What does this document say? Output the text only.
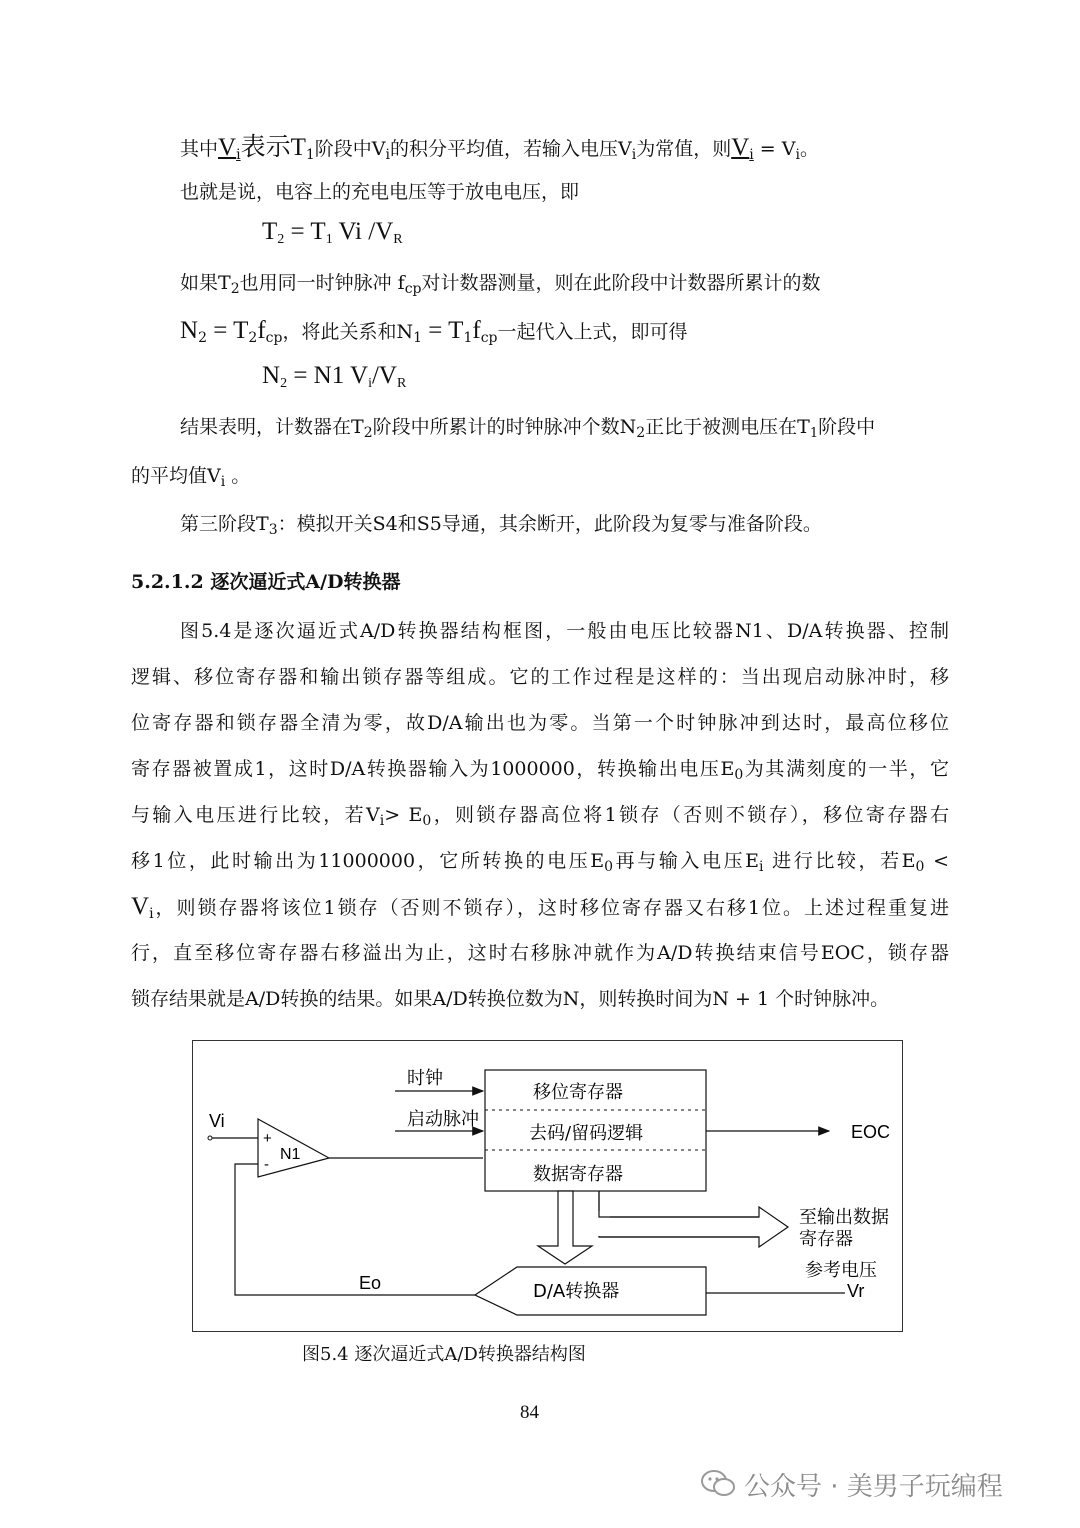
其中$V_i$表示$T_1$阶段中$V_i$的积分平均值，若输入电压$V_i$为常值，则$V_i = V_i$。
也就是说，电容上的充电电压等于放电电压，即
$T_2 = T_1$ Vi $/V_R$
如果$T_2$也用同一时钟脉冲 $f_{cp}$对计数器测量，则在此阶段中计数器所累计的数
$N_2 = T_2f_{cp}$，将此关系和$N_1 = T_1f_{cp}$一起代入上式，即可得
$N_2 = N1$ $V_i/V_R$
结果表明，计数器在$T_2$阶段中所累计的时钟脉冲个数$N_2$正比于被测电压在$T_1$阶段中
的平均值$V_i$ 。
第三阶段$T_3$：模拟开关S4和S5导通，其余断开，此阶段为复零与准备阶段。
5.2.1.2 逐次逼近式A/D转换器
图5.4是逐次逼近式A/D转换器结构框图，一般由电压比较器N1、D/A转换器、控制
逻辑、移位寄存器和输出锁存器等组成。它的工作过程是这样的：当出现启动脉冲时，移
位寄存器和锁存器全清为零，故D/A输出也为零。当第一个时钟脉冲到达时，最高位移位
寄存器被置成1，这时D/A转换器输入为1000000，转换输出电压$E_0$为其满刻度的一半，它
与输入电压进行比较，若$V_i> E_0$，则锁存器高位将1锁存（否则不锁存），移位寄存器右
移1位，此时输出为11000000，它所转换的电压$E_0$再与输入电压$E_i$ 进行比较，若$E_0$ <
$V_i$，则锁存器将该位1锁存（否则不锁存），这时移位寄存器又右移1位。上述过程重复进
行，直至移位寄存器右移溢出为止，这时右移脉冲就作为A/D转换结束信号EOC，锁存器
锁存结果就是A/D转换的结果。如果A/D转换位数为N，则转换时间为N + 1 个时钟脉冲。
移位寄存器
去码/留码逻辑
数据寄存器
时钟
启动脉冲
EOC
+
-
N1
Vi
Eo	D/A转换器
参考电压
Vr
至输出数据
寄存器
图5.4 逐次逼近式A/D转换器结构图
84
公众号 · 美男子玩编程
